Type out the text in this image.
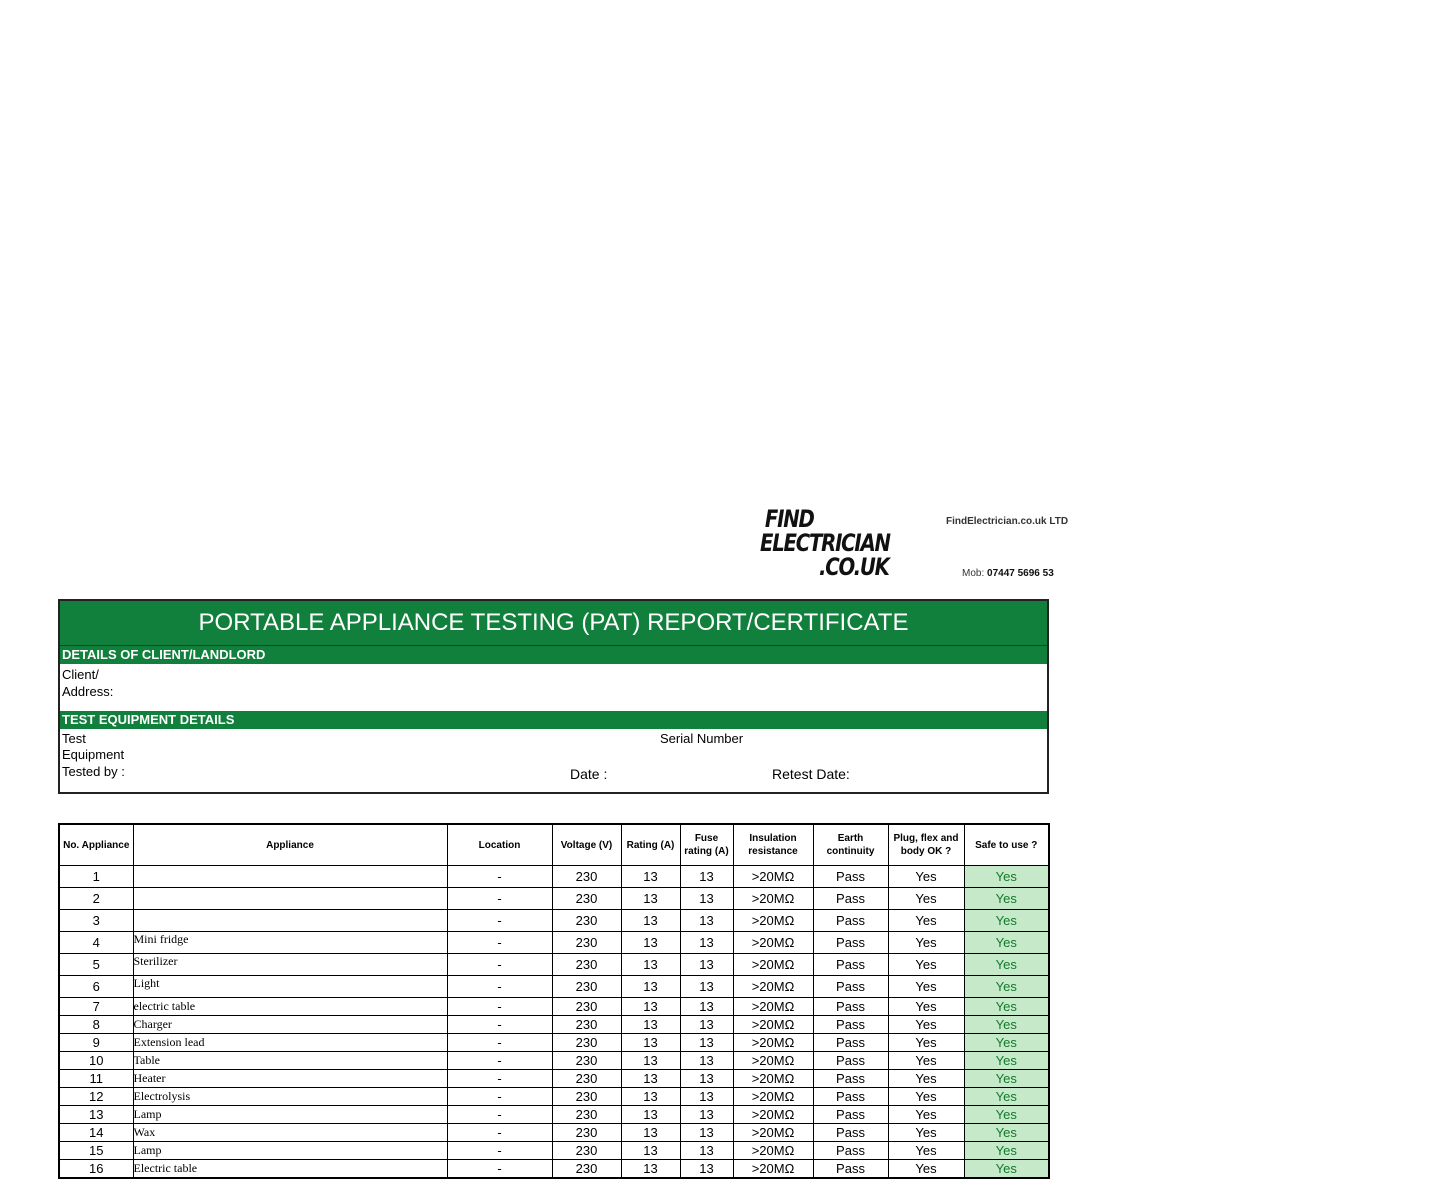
FIND
ELECTRICIAN
.CO.UK
FindElectrician.co.uk LTD
Mob: 07447 5696 53
PORTABLE APPLIANCE TESTING (PAT) REPORT/CERTIFICATE
DETAILS OF CLIENT/LANDLORD
Client/
Address:
TEST EQUIPMENT DETAILS
Test
Equipment
Serial Number
Tested by :	Date :	Retest Date:
No. Appliance	Appliance	Location	Voltage (V)	Rating (A)	Fuse rating (A)	Insulation resistance	Earth continuity	Plug, flex and body OK ?	Safe to use ?
1		-	230	13	13	>20MΩ	Pass	Yes	Yes
2		-	230	13	13	>20MΩ	Pass	Yes	Yes
3		-	230	13	13	>20MΩ	Pass	Yes	Yes
4	Mini fridge	-	230	13	13	>20MΩ	Pass	Yes	Yes
5	Sterilizer	-	230	13	13	>20MΩ	Pass	Yes	Yes
6	Light	-	230	13	13	>20MΩ	Pass	Yes	Yes
7	electric table	-	230	13	13	>20MΩ	Pass	Yes	Yes
8	Charger	-	230	13	13	>20MΩ	Pass	Yes	Yes
9	Extension lead	-	230	13	13	>20MΩ	Pass	Yes	Yes
10	Table	-	230	13	13	>20MΩ	Pass	Yes	Yes
11	Heater	-	230	13	13	>20MΩ	Pass	Yes	Yes
12	Electrolysis	-	230	13	13	>20MΩ	Pass	Yes	Yes
13	Lamp	-	230	13	13	>20MΩ	Pass	Yes	Yes
14	Wax	-	230	13	13	>20MΩ	Pass	Yes	Yes
15	Lamp	-	230	13	13	>20MΩ	Pass	Yes	Yes
16	Electric table	-	230	13	13	>20MΩ	Pass	Yes	Yes
